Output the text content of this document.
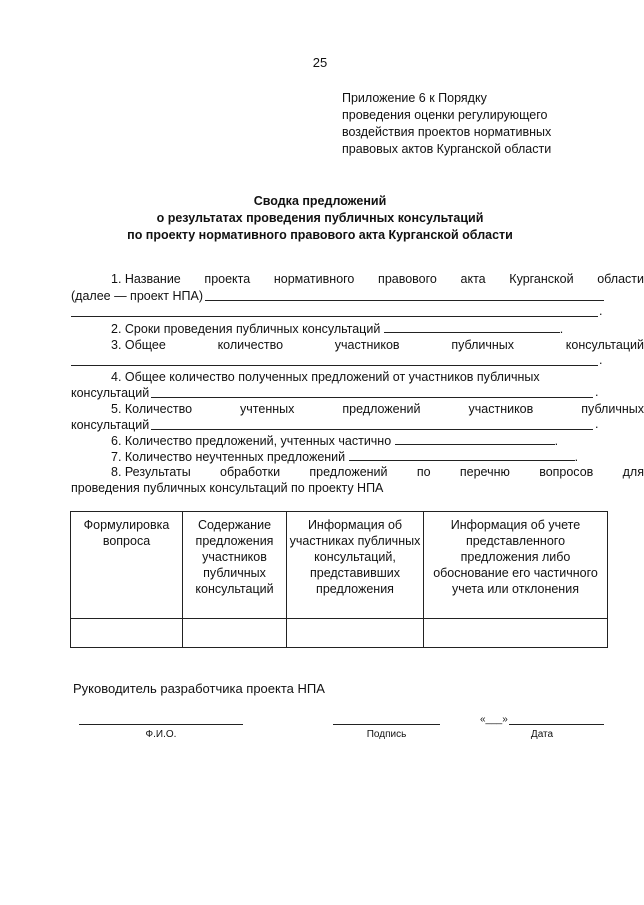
25
Приложение 6 к Порядку
проведения оценки регулирующего
воздействия проектов нормативных
правовых актов Курганской области
Сводка предложений
о результатах проведения публичных консультаций
по проекту нормативного правового акта Курганской области
1. Название проекта нормативного правового акта Курганской области
(далее — проект НПА)
.
2. Сроки проведения публичных консультаций	.
3. Общее	количество	участников	публичных	консультаций
.
4. Общее количество полученных предложений от участников публичных
консультаций	.
5. Количество	учтенных	предложений	участников	публичных
консультаций	.
6. Количество предложений, учтенных частично	.
7. Количество неучтенных предложений	.
8. Результаты обработки предложений по перечню вопросов для
проведения публичных консультаций по проекту НПА
Формулировка вопроса	Содержание предложения участников публичных консультаций	Информация об участниках публичных консультаций, представивших предложения	Информация об учете представленного предложения либо обоснование его частичного учета или отклонения

Руководитель разработчика проекта НПА
Ф.И.О.	Подпись
«___»
Дата
